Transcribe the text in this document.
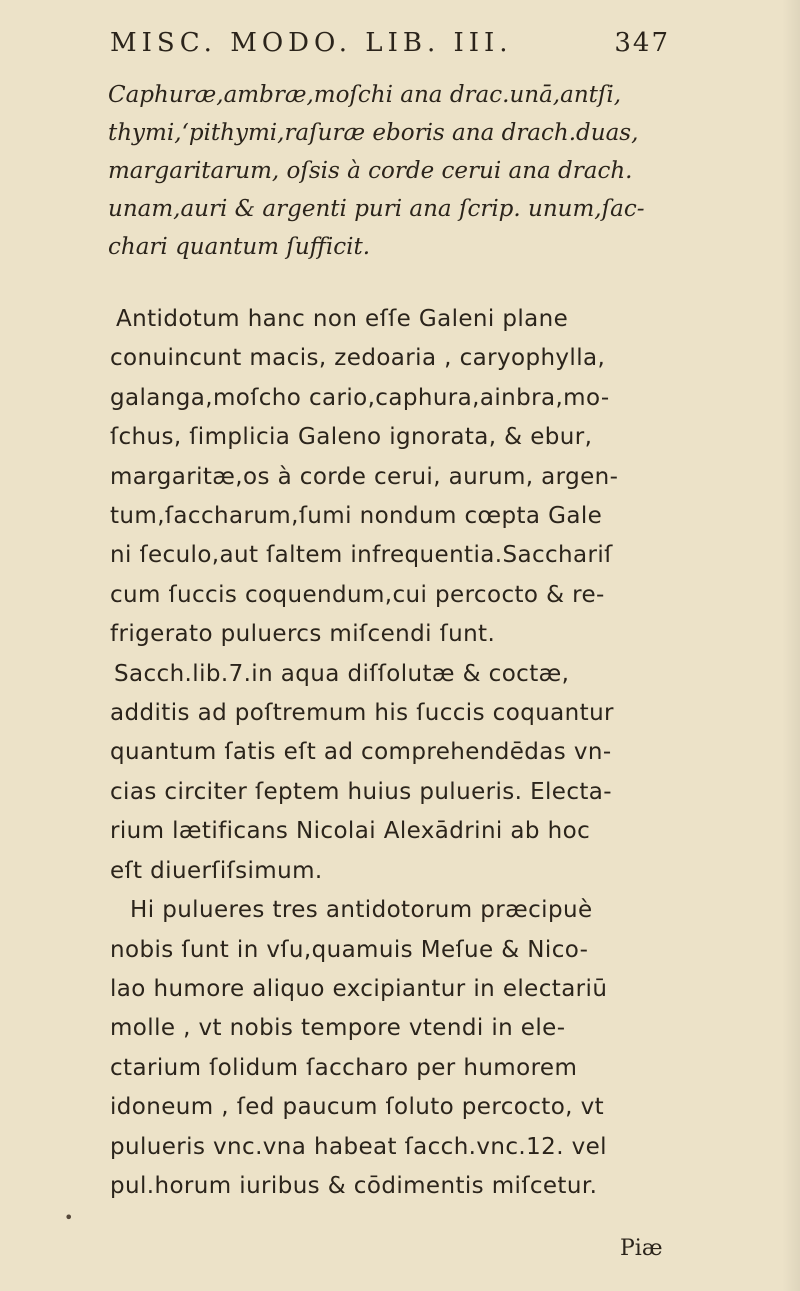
MISC. MODO. LIB. III.	347
Caphuræ,ambræ,moſchi ana drac.unā,antſi,
thymi,‘pithymi,raſuræ eboris ana drach.duas,
margaritarum, oſsis à corde cerui ana drach.
unam,auri & argenti puri ana ſcrip. unum,ſac-
chari quantum ſufficit.
Antidotum hanc non eſſe Galeni plane
conuincunt macis, zedoaria , caryophylla,
galanga,moſcho cario,caphura,ainbra,mo-
ſchus, ſimplicia Galeno ignorata, & ebur,
margaritæ,os à corde cerui, aurum, argen-
tum,ſaccharum,ſumi nondum cœpta Gale
ni ſeculo,aut ſaltem infrequentia.Sacchariſ
cum ſuccis coquendum,cui percocto & re-
frigerato puluercs miſcendi ſunt.
Sacch.lib.7.in aqua diſſolutæ & coctæ,
additis ad poſtremum his ſuccis coquantur
quantum ſatis eſt ad comprehendēdas vn-
cias circiter ſeptem huius pulueris. Electa-
rium lætificans Nicolai Alexādrini ab hoc
eſt diuerſiſsimum.
Hi pulueres tres antidotorum præcipuè
nobis ſunt in vſu,quamuis Meſue & Nico-
lao humore aliquo excipiantur in electariū
molle , vt nobis tempore vtendi in ele-
ctarium ſolidum ſaccharo per humorem
idoneum , ſed paucum ſoluto percocto, vt
pulueris vnc.vna habeat ſacch.vnc.12. vel
pul.horum iuribus & cōdimentis miſcetur.
•
Piæ
